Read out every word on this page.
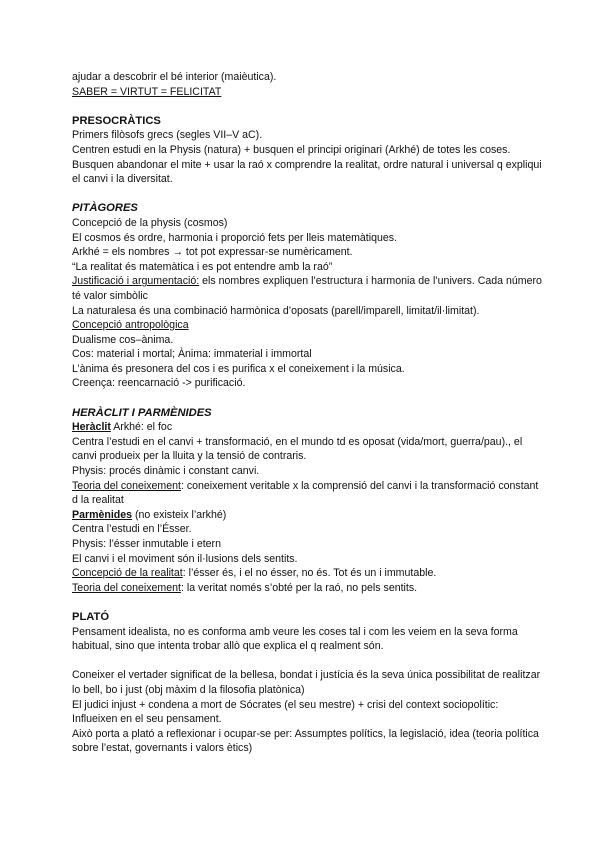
ajudar a descobrir el bé interior (maièutica).
SABER = VIRTUT = FELICITAT
PRESOCRÀTICS
Primers filòsofs grecs (segles VII–V aC).
Centren estudi en la Physis (natura) + busquen el principi originari (Arkhé) de totes les coses.
Busquen abandonar el mite + usar la raó x comprendre la realitat, ordre natural i universal q expliqui el canvi i la diversitat.
PITÀGORES
Concepció de la physis (cosmos)
El cosmos és ordre, harmonia i proporció fets per lleis matemàtiques.
Arkhé = els nombres → tot pot expressar-se numèricament.
“La realitat és matemàtica i es pot entendre amb la raó”
Justificació i argumentació: els nombres expliquen l’estructura i harmonia de l’univers. Cada número té valor simbòlic
La naturalesa és una combinació harmònica d’oposats (parell/imparell, limitat/il·limitat).
Concepció antropològica
Dualisme cos–ànima.
Cos: material i mortal; Ànima: immaterial i immortal
L’ànima és presonera del cos i es purifica x el coneixement i la música.
Creença: reencarnació -> purificació.
HERÀCLIT I PARMÈNIDES
Heràclit Arkhé: el foc
Centra l’estudi en el canvi + transformació, en el mundo td es oposat (vida/mort, guerra/pau)., el canvi produeix per la lluita y la tensió de contraris.
Physis: procés dinàmic i constant canvi.
Teoria del coneixement: coneixement veritable x la comprensió del canvi i la transformació constant d la realitat
Parmènides (no existeix l’arkhé)
Centra l’estudi en l’Ésser.
Physis: l’ésser inmutable i etern
El canvi i el moviment són il·lusions dels sentits.
Concepció de la realitat: l’ésser és, i el no ésser, no és. Tot és un i immutable.
Teoria del coneixement: la veritat només s’obté per la raó, no pels sentits.
PLATÓ
Pensament idealista, no es conforma amb veure les coses tal i com les veiem en la seva forma habitual, sino que intenta trobar allò que explica el q realment són.
Coneixer el vertader significat de la bellesa, bondat i justícia és la seva única possibilitat de realitzar lo bell, bo i just (obj màxim d la filosofia platònica)
El judici injust + condena a mort de Sócrates (el seu mestre) + crisi del context sociopolític: Influeixen en el seu pensament.
Això porta a plató a reflexionar i ocupar-se per: Assumptes polítics, la legislació, idea (teoria política sobre l’estat, governants i valors ètics)
